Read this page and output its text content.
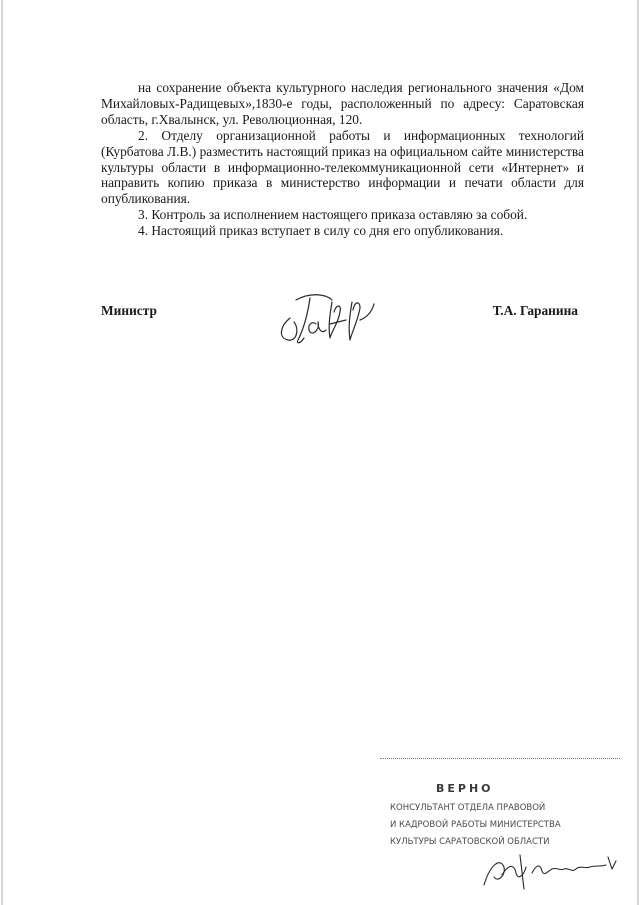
на сохранение объекта культурного наследия регионального значения «Дом Михайловых-Радищевых»,1830-е годы, расположенный по адресу: Саратовская область, г.Хвалынск, ул. Революционная, 120.

2. Отделу организационной работы и информационных технологий (Курбатова Л.В.) разместить настоящий приказ на официальном сайте министерства культуры области в информационно-телекоммуникационной сети «Интернет» и направить копию приказа в министерство информации и печати области для опубликования.

3. Контроль за исполнением настоящего приказа оставляю за собой.

4. Настоящий приказ вступает в силу со дня его опубликования.

Министр	Т.А. Гаранина
ВЕРНО
КОНСУЛЬТАНТ ОТДЕЛА ПРАВОВОЙ
И КАДРОВОЙ РАБОТЫ МИНИСТЕРСТВА
КУЛЬТУРЫ САРАТОВСКОЙ ОБЛАСТИ
